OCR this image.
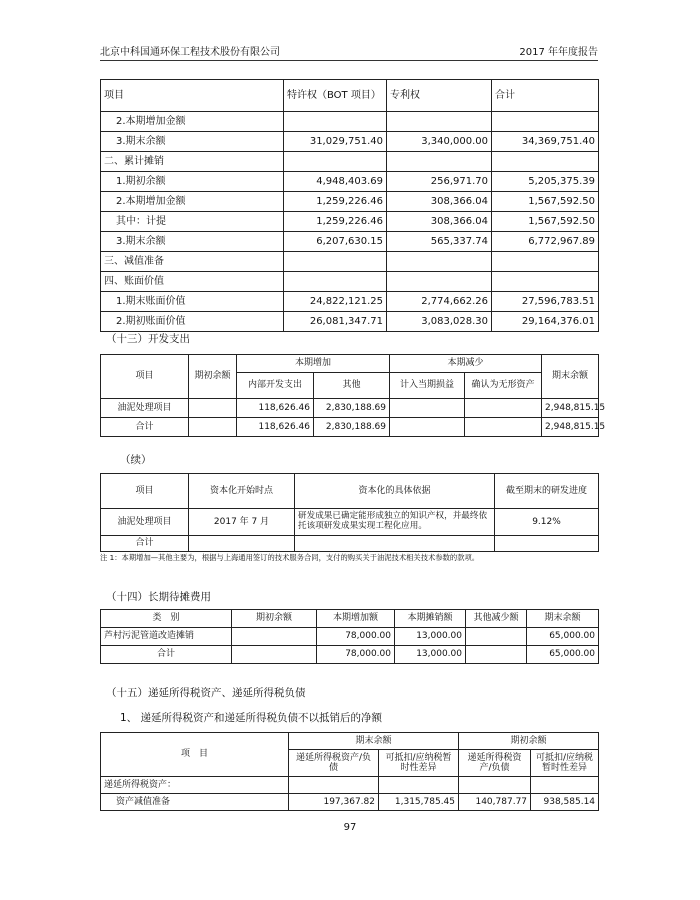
北京中科国通环保工程技术股份有限公司	2017 年年度报告
项目	特许权（BOT 项目）	专利权	合计
2.本期增加金额			
3.期末余额	31,029,751.40	3,340,000.00	34,369,751.40
二、累计摊销			
1.期初余额	4,948,403.69	256,971.70	5,205,375.39
2.本期增加金额	1,259,226.46	308,366.04	1,567,592.50
其中：计提	1,259,226.46	308,366.04	1,567,592.50
3.期末余额	6,207,630.15	565,337.74	6,772,967.89
三、减值准备			
四、账面价值			
1.期末账面价值	24,822,121.25	2,774,662.26	27,596,783.51
2.期初账面价值	26,081,347.71	3,083,028.30	29,164,376.01
（十三）开发支出
项目	期初余额	本期增加		本期减少		期末余额
		内部开发支出	其他	计入当期损益	确认为无形资产	
油泥处理项目		118,626.46	2,830,188.69			2,948,815.15
合计		118,626.46	2,830,188.69			2,948,815.15
（续）
项目	资本化开始时点	资本化的具体依据	截至期末的研发进度
油泥处理项目	2017 年 7 月	研发成果已确定能形成独立的知识产权，并最终依托该项研发成果实现工程化应用。	9.12%
合计			
注 1：本期增加—其他主要为，根据与上海通用签订的技术服务合同，支付的购买关于油泥技术相关技术参数的款项。
（十四）长期待摊费用
类　别	期初余额	本期增加额	本期摊销额	其他减少额	期末余额
芦村污泥管道改造摊销		78,000.00	13,000.00		65,000.00
合计		78,000.00	13,000.00		65,000.00
（十五）递延所得税资产、递延所得税负债
1、 递延所得税资产和递延所得税负债不以抵销后的净额
项　目	期末余额		期初余额	
	递延所得税资产/负债	可抵扣/应纳税暂时性差异	递延所得税资产/负债	可抵扣/应纳税暂时性差异
递延所得税资产：				
资产减值准备	197,367.82	1,315,785.45	140,787.77	938,585.14
97
